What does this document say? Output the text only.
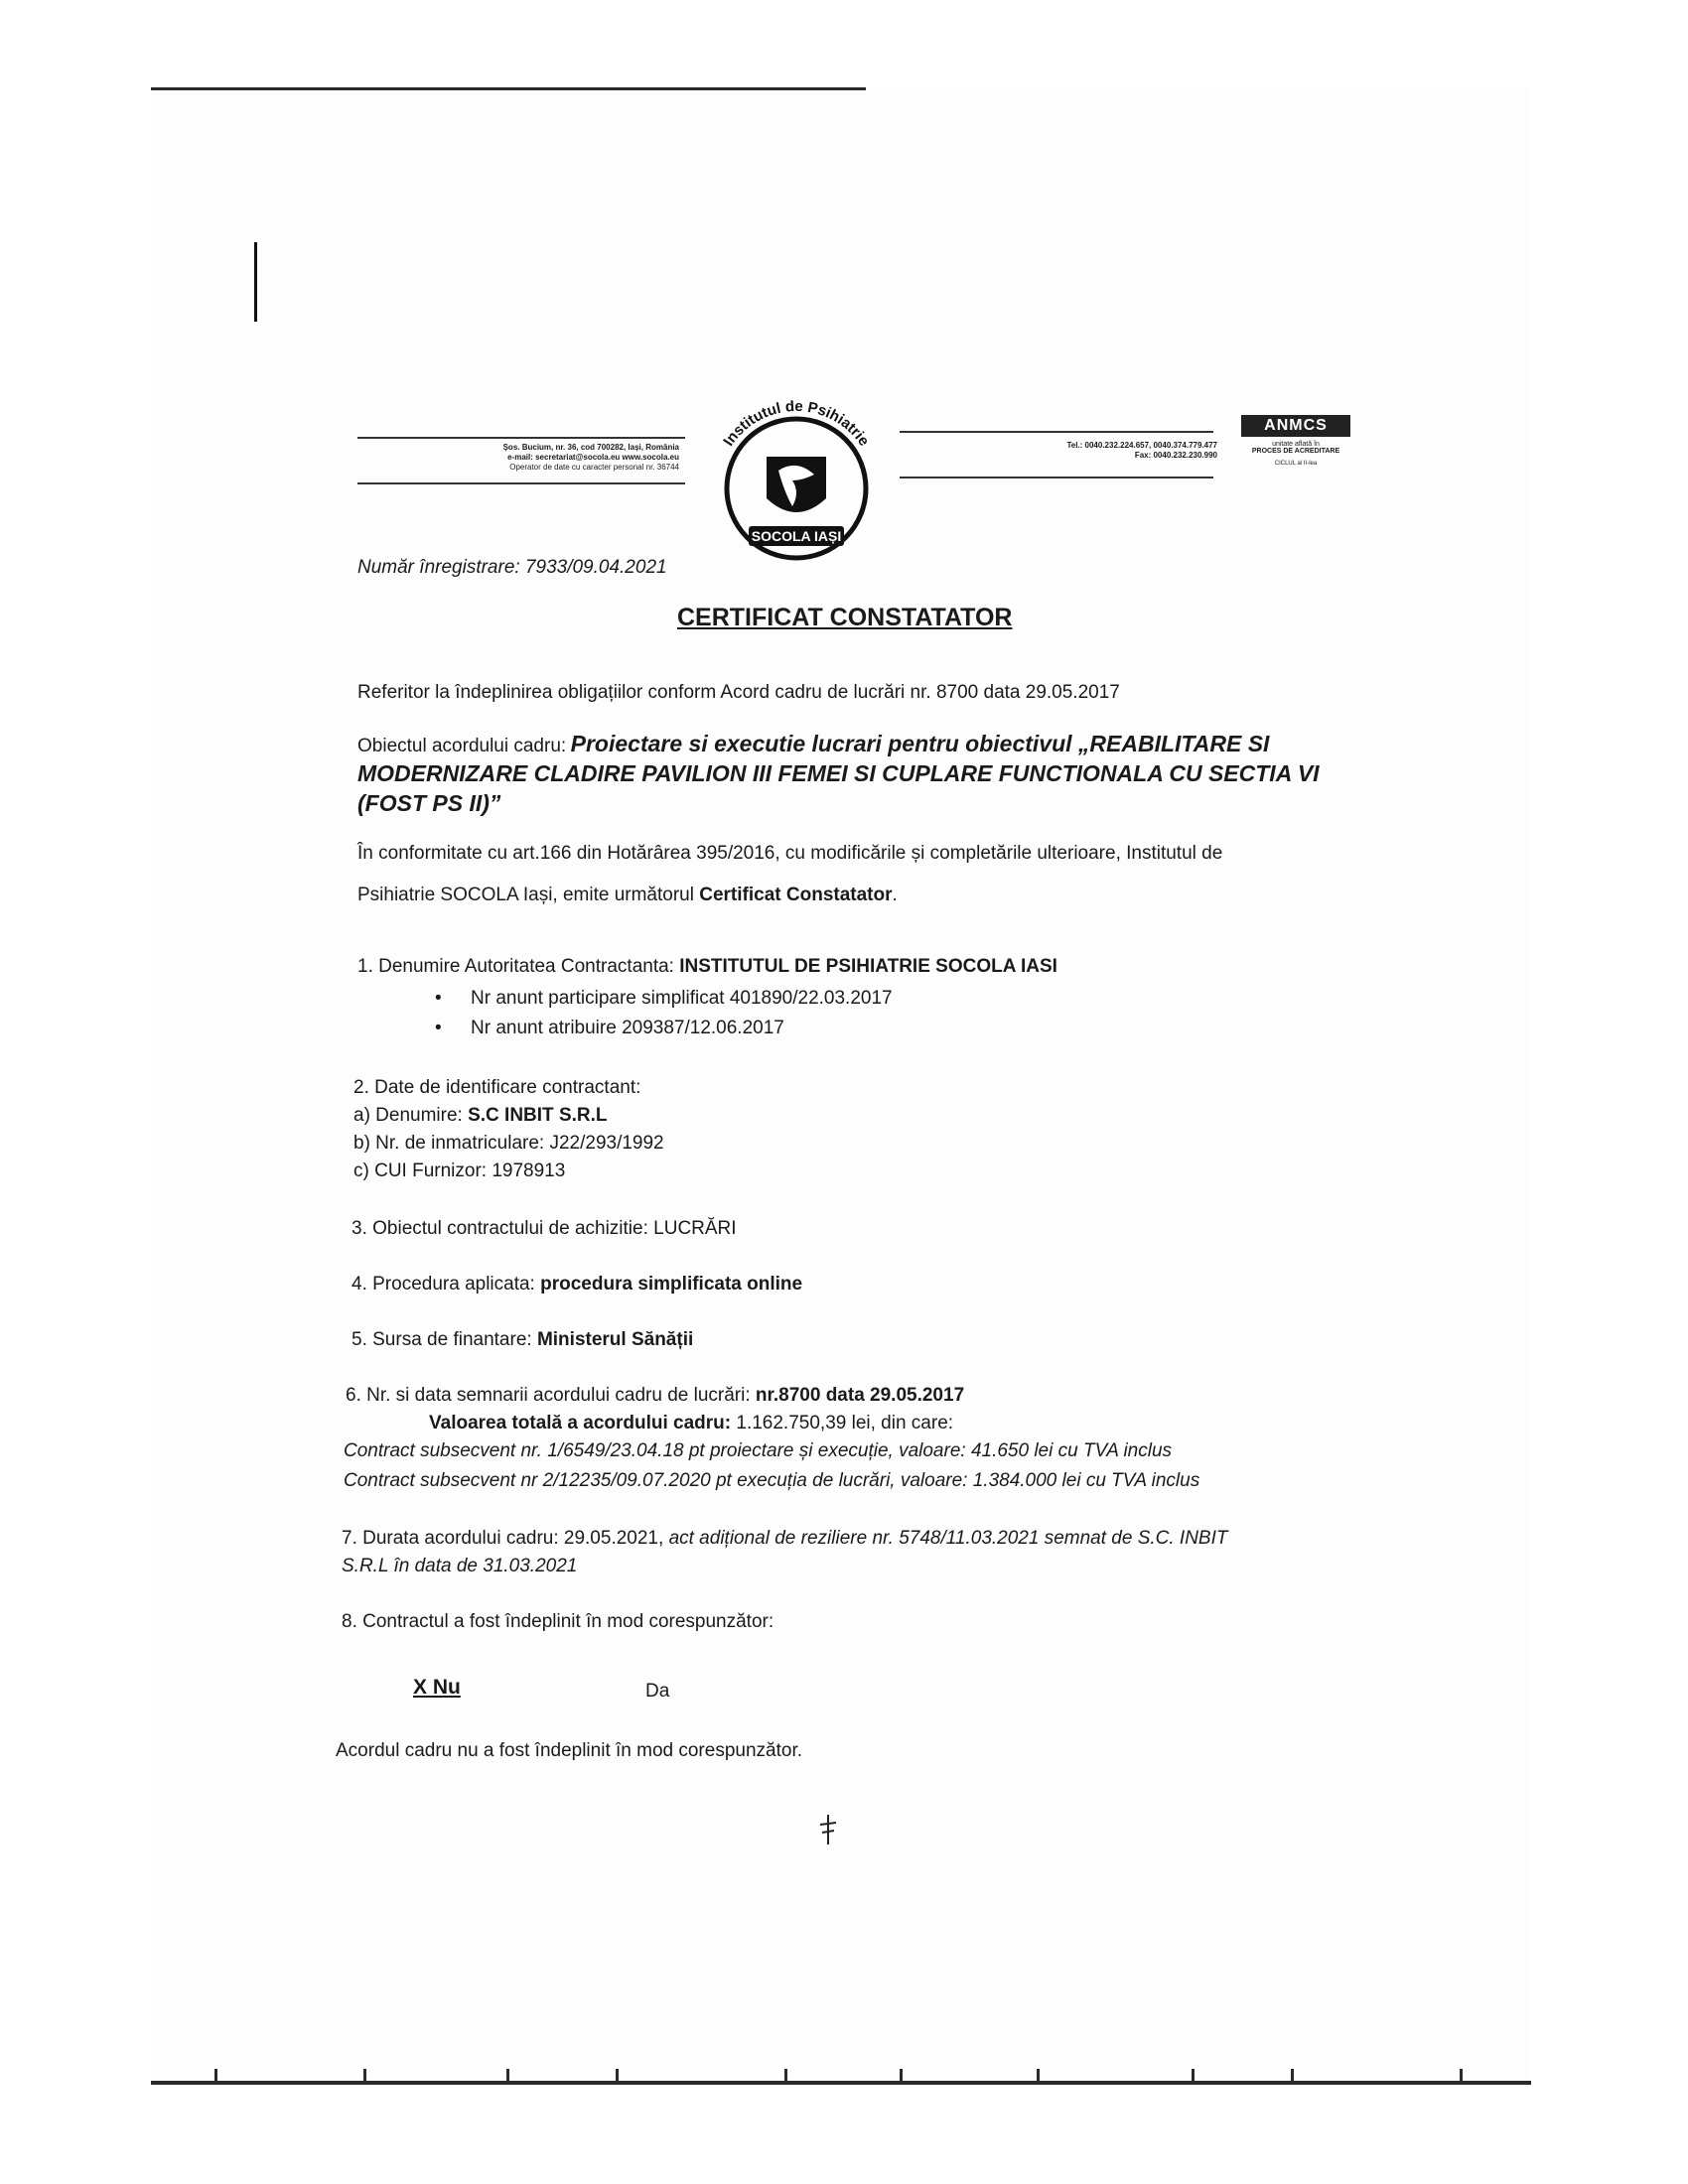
Șos. Bucium, nr. 36, cod 700282, Iași, România
e-mail: secretariat@socola.eu www.socola.eu
Operator de date cu caracter personal nr. 36744
Institutul de Psihiatrie
SOCOLA IAȘI
Tel.: 0040.232.224.657, 0040.374.779.477
Fax: 0040.232.230.990
ANMCS
unitate aflată în
PROCES DE ACREDITARE
CICLUL al II-lea
Număr înregistrare: 7933/09.04.2021
CERTIFICAT CONSTATATOR
Referitor la îndeplinirea obligațiilor conform Acord cadru de lucrări nr. 8700 data 29.05.2017
Obiectul acordului cadru: Proiectare si executie lucrari pentru obiectivul „REABILITARE SI
MODERNIZARE CLADIRE PAVILION III FEMEI SI CUPLARE FUNCTIONALA CU SECTIA VI
(FOST PS II)”
În conformitate cu art.166 din Hotărârea 395/2016, cu modificările și completările ulterioare, Institutul de
Psihiatrie SOCOLA Iași, emite următorul Certificat Constatator.
1. Denumire Autoritatea Contractanta: INSTITUTUL DE PSIHIATRIE SOCOLA IASI
• Nr anunt participare simplificat 401890/22.03.2017
• Nr anunt atribuire 209387/12.06.2017
2. Date de identificare contractant:
a) Denumire: S.C INBIT S.R.L
b) Nr. de inmatriculare: J22/293/1992
c) CUI Furnizor: 1978913
3. Obiectul contractului de achizitie: LUCRĂRI
4. Procedura aplicata: procedura simplificata online
5. Sursa de finantare: Ministerul Sănății
6. Nr. si data semnarii acordului cadru de lucrări: nr.8700 data 29.05.2017
Valoarea totală a acordului cadru: 1.162.750,39 lei, din care:
Contract subsecvent nr. 1/6549/23.04.18 pt proiectare și execuție, valoare: 41.650 lei cu TVA inclus
Contract subsecvent nr 2/12235/09.07.2020 pt execuția de lucrări, valoare: 1.384.000 lei cu TVA inclus
7. Durata acordului cadru: 29.05.2021, act adițional de reziliere nr. 5748/11.03.2021 semnat de S.C. INBIT
S.R.L în data de 31.03.2021
8. Contractul a fost îndeplinit în mod corespunzător:
X Nu	Da
Acordul cadru nu a fost îndeplinit în mod corespunzător.
